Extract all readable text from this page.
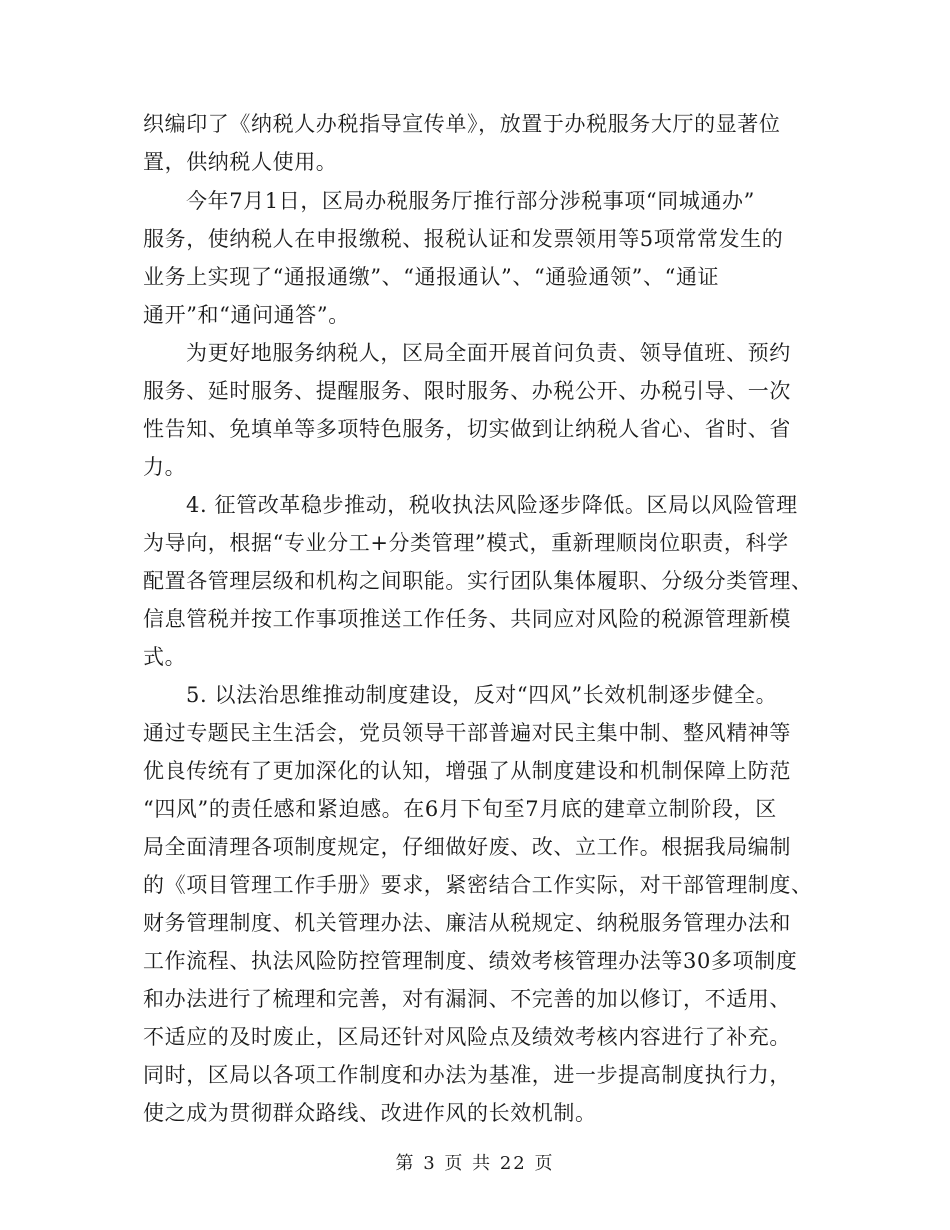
织编印了《纳税人办税指导宣传单》，放置于办税服务大厅的显著位
置，供纳税人使用。
今年7月1日，区局办税服务厅推行部分涉税事项“同城通办”
服务，使纳税人在申报缴税、报税认证和发票领用等5项常常发生的
业务上实现了“通报通缴”、“通报通认”、“通验通领”、“通证
通开”和“通问通答”。
为更好地服务纳税人，区局全面开展首问负责、领导值班、预约
服务、延时服务、提醒服务、限时服务、办税公开、办税引导、一次
性告知、免填单等多项特色服务，切实做到让纳税人省心、省时、省
力。
4. 征管改革稳步推动，税收执法风险逐步降低。区局以风险管理
为导向，根据“专业分工+分类管理”模式，重新理顺岗位职责，科学
配置各管理层级和机构之间职能。实行团队集体履职、分级分类管理、
信息管税并按工作事项推送工作任务、共同应对风险的税源管理新模
式。
5. 以法治思维推动制度建设，反对“四风”长效机制逐步健全。
通过专题民主生活会，党员领导干部普遍对民主集中制、整风精神等
优良传统有了更加深化的认知，增强了从制度建设和机制保障上防范
“四风”的责任感和紧迫感。在6月下旬至7月底的建章立制阶段，区
局全面清理各项制度规定，仔细做好废、改、立工作。根据我局编制
的《项目管理工作手册》要求，紧密结合工作实际，对干部管理制度、
财务管理制度、机关管理办法、廉洁从税规定、纳税服务管理办法和
工作流程、执法风险防控管理制度、绩效考核管理办法等30多项制度
和办法进行了梳理和完善，对有漏洞、不完善的加以修订，不适用、
不适应的及时废止，区局还针对风险点及绩效考核内容进行了补充。
同时，区局以各项工作制度和办法为基准，进一步提高制度执行力，
使之成为贯彻群众路线、改进作风的长效机制。
第 3 页 共 22 页
